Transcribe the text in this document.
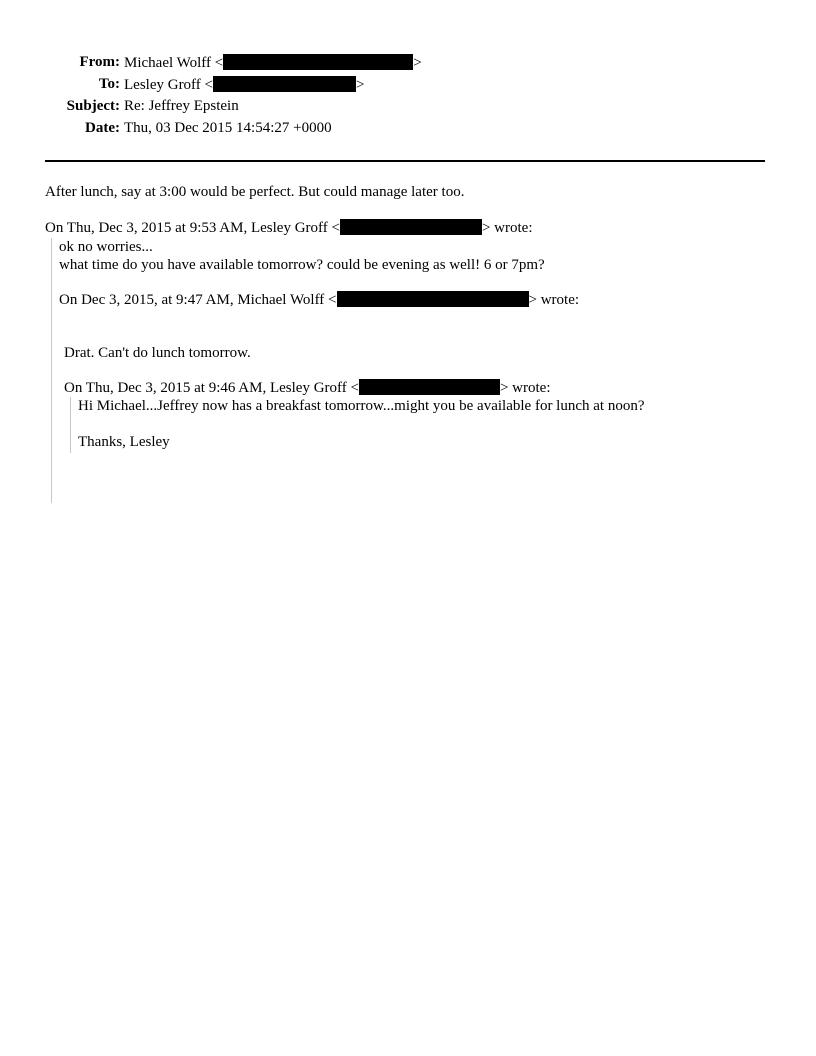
From: Michael Wolff <	>
To: Lesley Groff <	>
Subject: Re: Jeffrey Epstein
Date: Thu, 03 Dec 2015 14:54:27 +0000
After lunch, say at 3:00 would be perfect. But could manage later too.
On Thu, Dec 3, 2015 at 9:53 AM, Lesley Groff <	> wrote:
ok no worries...
what time do you have available tomorrow? could be evening as well! 6 or 7pm?
On Dec 3, 2015, at 9:47 AM, Michael Wolff <	> wrote:
Drat. Can't do lunch tomorrow.
On Thu, Dec 3, 2015 at 9:46 AM, Lesley Groff <	> wrote:
Hi Michael...Jeffrey now has a breakfast tomorrow...might you be available for lunch at noon?
Thanks, Lesley
